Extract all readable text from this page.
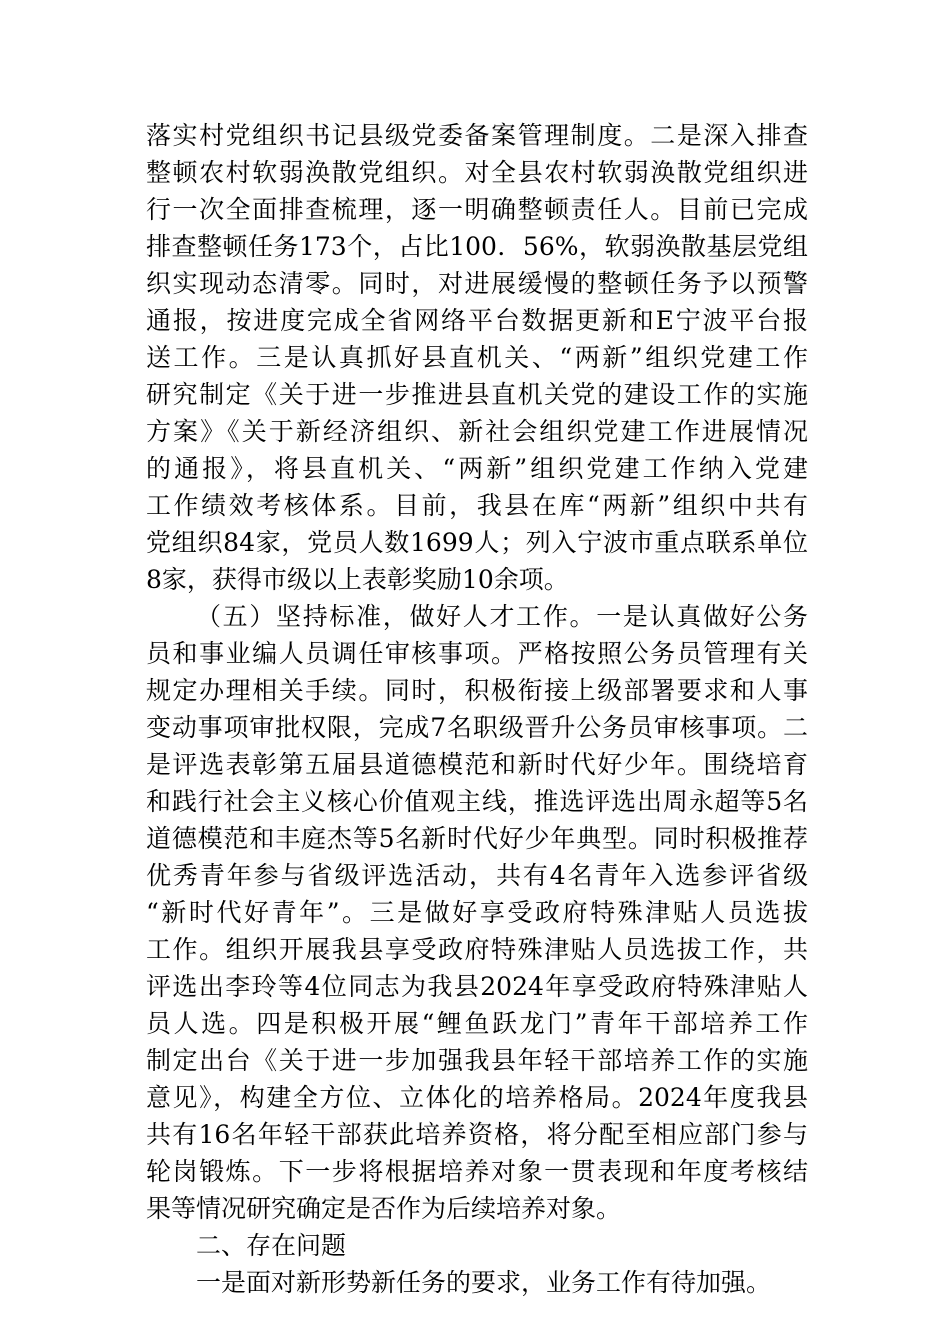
落实村党组织书记县级党委备案管理制度。二是深入排查
整顿农村软弱涣散党组织。对全县农村软弱涣散党组织进
行一次全面排查梳理，逐一明确整顿责任人。目前已完成
排查整顿任务173个，占比100．56%，软弱涣散基层党组
织实现动态清零。同时，对进展缓慢的整顿任务予以预警
通报，按进度完成全省网络平台数据更新和E宁波平台报
送工作。三是认真抓好县直机关、“两新”组织党建工作
研究制定《关于进一步推进县直机关党的建设工作的实施
方案》《关于新经济组织、新社会组织党建工作进展情况
的通报》，将县直机关、“两新”组织党建工作纳入党建
工作绩效考核体系。目前，我县在库“两新”组织中共有
党组织84家，党员人数1699人；列入宁波市重点联系单位
8家，获得市级以上表彰奖励10余项。
（五）坚持标准，做好人才工作。一是认真做好公务
员和事业编人员调任审核事项。严格按照公务员管理有关
规定办理相关手续。同时，积极衔接上级部署要求和人事
变动事项审批权限，完成7名职级晋升公务员审核事项。二
是评选表彰第五届县道德模范和新时代好少年。围绕培育
和践行社会主义核心价值观主线，推选评选出周永超等5名
道德模范和丰庭杰等5名新时代好少年典型。同时积极推荐
优秀青年参与省级评选活动，共有4名青年入选参评省级
“新时代好青年”。三是做好享受政府特殊津贴人员选拔
工作。组织开展我县享受政府特殊津贴人员选拔工作，共
评选出李玲等4位同志为我县2024年享受政府特殊津贴人
员人选。四是积极开展“鲤鱼跃龙门”青年干部培养工作
制定出台《关于进一步加强我县年轻干部培养工作的实施
意见》，构建全方位、立体化的培养格局。2024年度我县
共有16名年轻干部获此培养资格，将分配至相应部门参与
轮岗锻炼。下一步将根据培养对象一贯表现和年度考核结
果等情况研究确定是否作为后续培养对象。
二、存在问题
一是面对新形势新任务的要求，业务工作有待加强。
